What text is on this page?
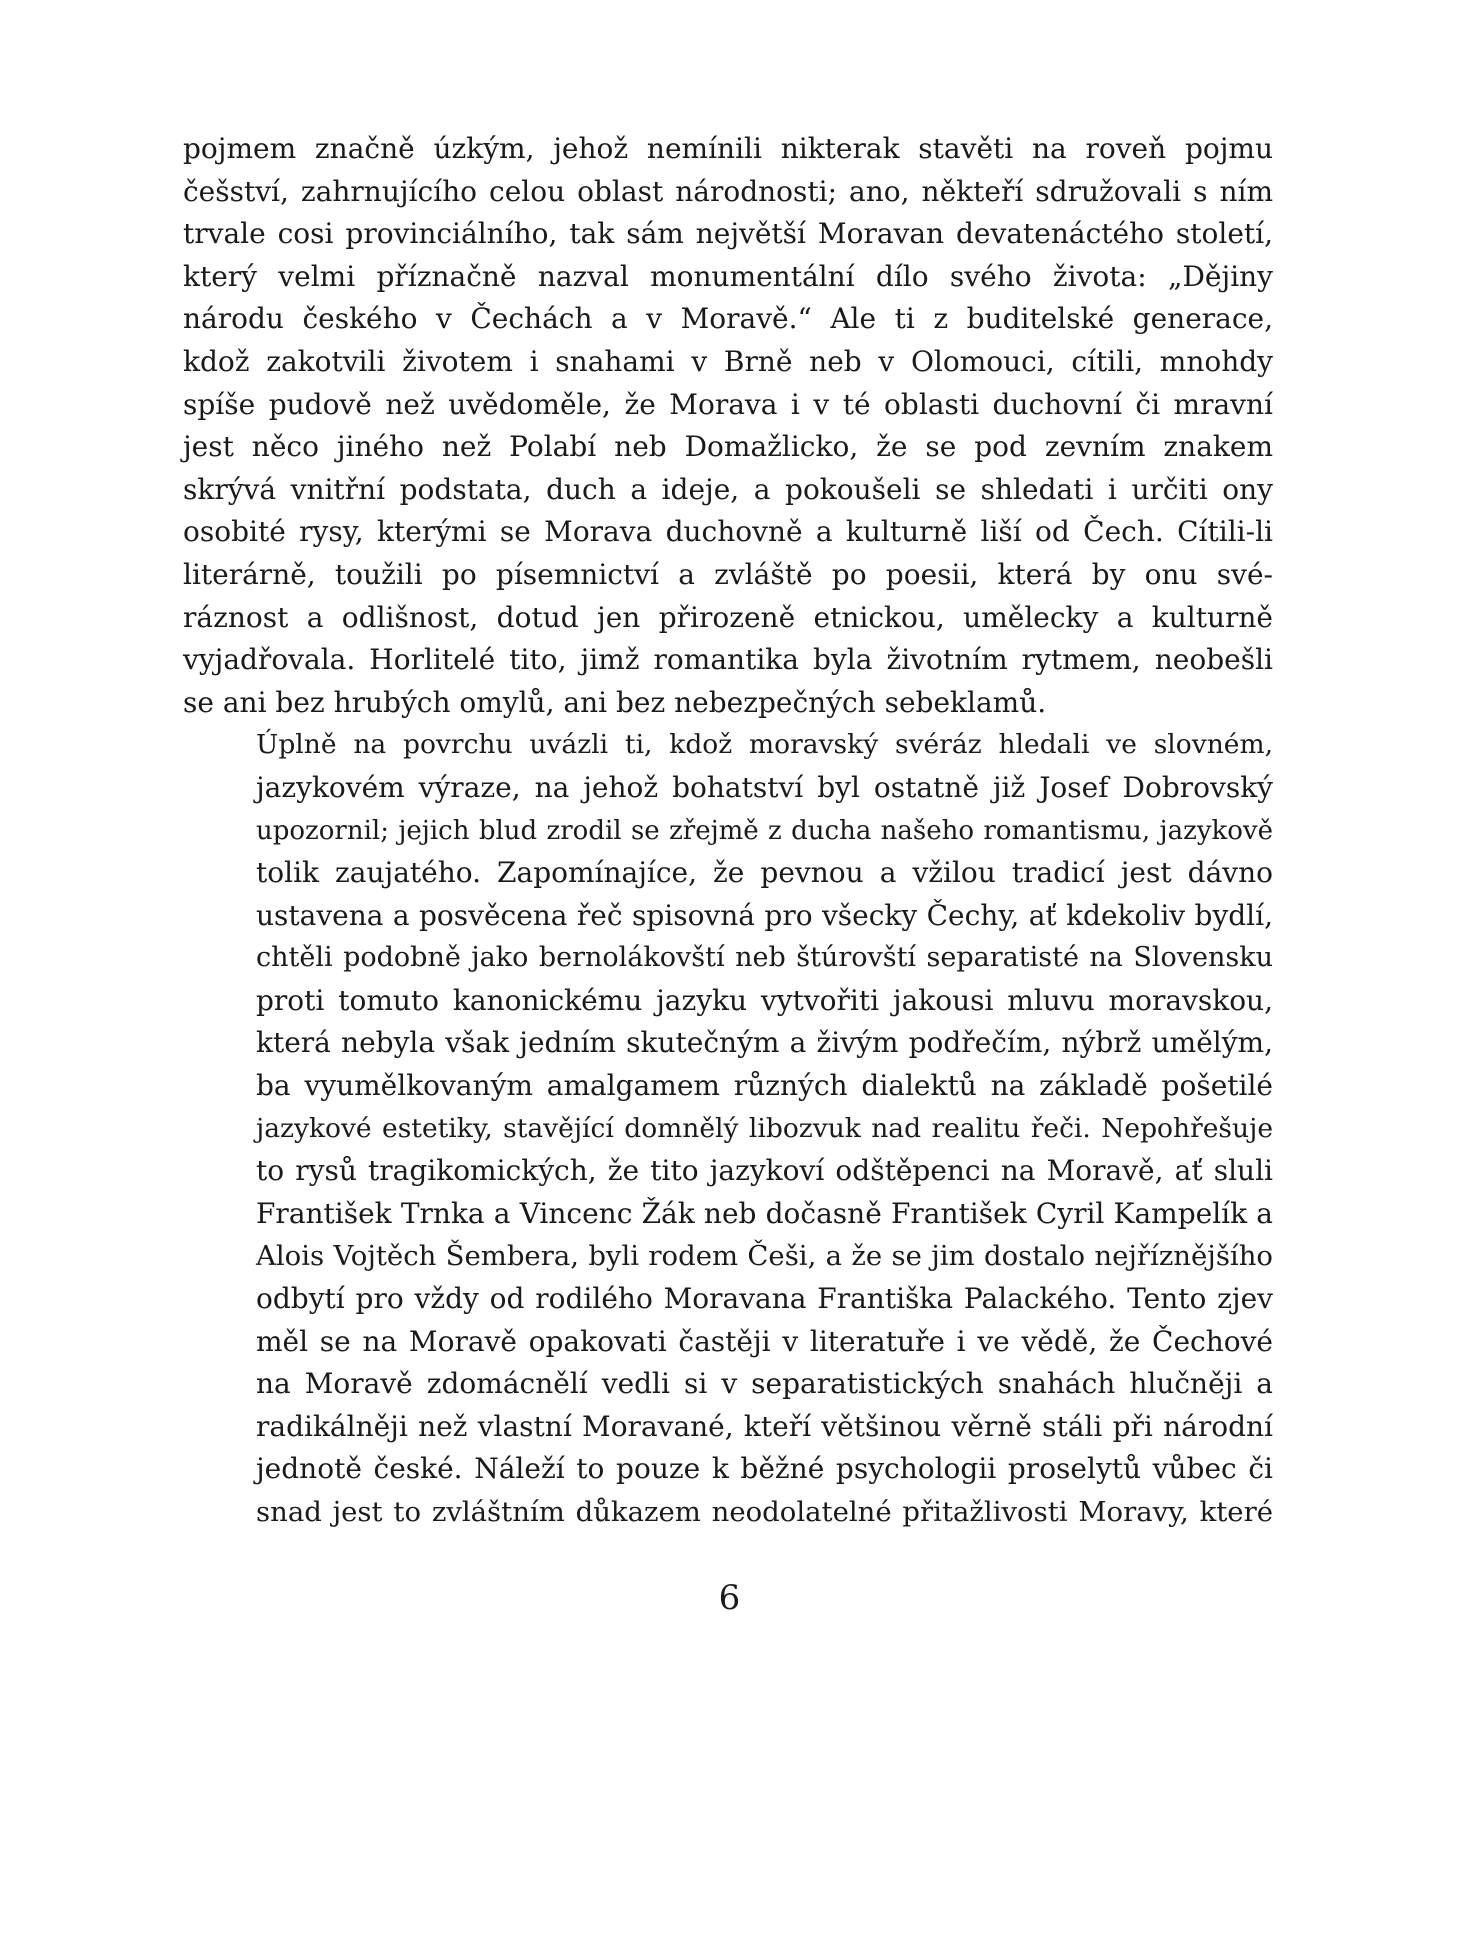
pojmem značně úzkým, jehož nemínili nikterak stavěti na roveň pojmu
češství, zahrnujícího celou oblast národnosti; ano, někteří sdružovali s ním
trvale cosi provinciálního, tak sám největší Moravan devatenáctého století,
který velmi příznačně nazval monumentální dílo svého života: „Dějiny
národu českého v Čechách a v Moravě.“ Ale ti z buditelské generace,
kdož zakotvili životem i snahami v Brně neb v Olomouci, cítili, mnohdy
spíše pudově než uvědoměle, že Morava i v té oblasti duchovní či mravní
jest něco jiného než Polabí neb Domažlicko, že se pod zevním znakem
skrývá vnitřní podstata, duch a ideje, a pokoušeli se shledati i určiti ony
osobité rysy, kterými se Morava duchovně a kulturně liší od Čech. Cítili-li
literárně, toužili po písemnictví a zvláště po poesii, která by onu své-
ráznost a odlišnost, dotud jen přirozeně etnickou, umělecky a kulturně
vyjadřovala. Horlitelé tito, jimž romantika byla životním rytmem, neobešli
se ani bez hrubých omylů, ani bez nebezpečných sebeklamů.

Úplně na povrchu uvázli ti, kdož moravský svéráz hledali ve slovném,
jazykovém výraze, na jehož bohatství byl ostatně již Josef Dobrovský
upozornil; jejich blud zrodil se zřejmě z ducha našeho romantismu, jazykově
tolik zaujatého. Zapomínajíce, že pevnou a vžilou tradicí jest dávno
ustavena a posvěcena řeč spisovná pro všecky Čechy, ať kdekoliv bydlí,
chtěli podobně jako bernolákovští neb štúrovští separatisté na Slovensku
proti tomuto kanonickému jazyku vytvořiti jakousi mluvu moravskou,
která nebyla však jedním skutečným a živým podřečím, nýbrž umělým,
ba vyumělkovaným amalgamem různých dialektů na základě pošetilé
jazykové estetiky, stavějící domnělý libozvuk nad realitu řeči. Nepohřešuje
to rysů tragikomických, že tito jazykoví odštěpenci na Moravě, ať sluli
František Trnka a Vincenc Žák neb dočasně František Cyril Kampelík a
Alois Vojtěch Šembera, byli rodem Češi, a že se jim dostalo nejříznějšího
odbytí pro vždy od rodilého Moravana Františka Palackého. Tento zjev
měl se na Moravě opakovati častěji v literatuře i ve vědě, že Čechové
na Moravě zdomácnělí vedli si v separatistických snahách hlučněji a
radikálněji než vlastní Moravané, kteří většinou věrně stáli při národní
jednotě české. Náleží to pouze k běžné psychologii proselytů vůbec či
snad jest to zvláštním důkazem neodolatelné přitažlivosti Moravy, které

6
